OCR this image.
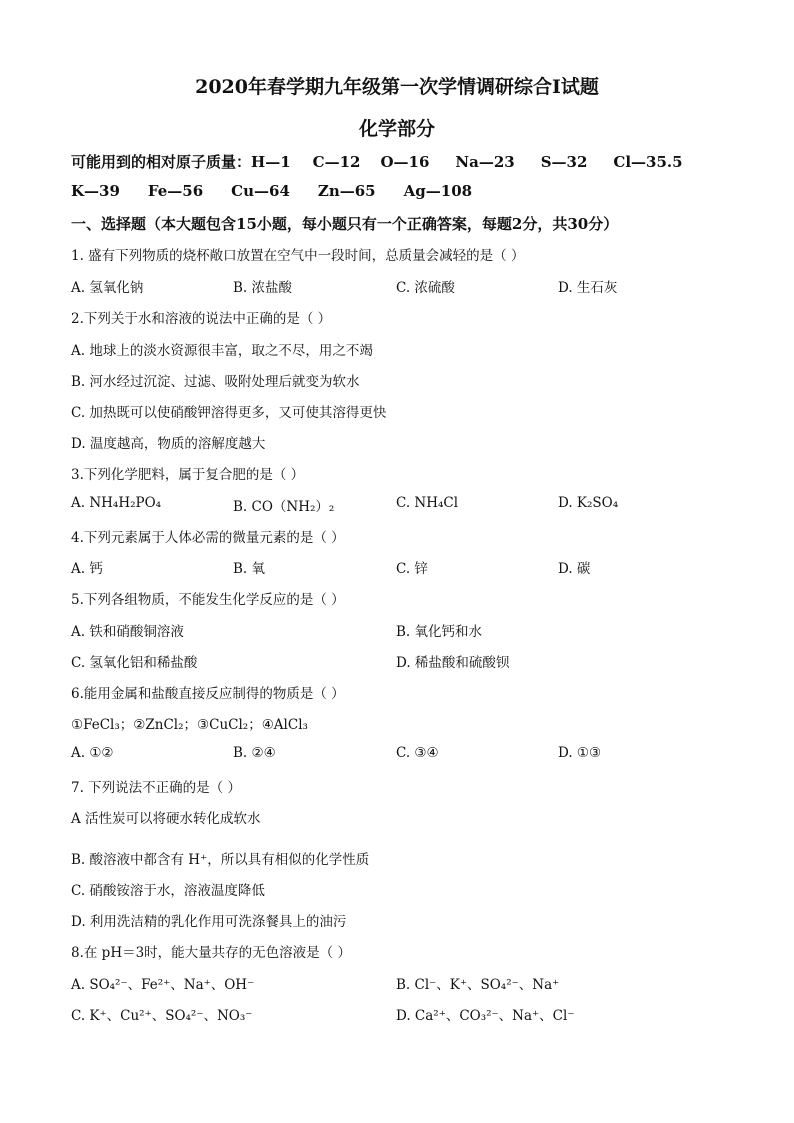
2020年春学期九年级第一次学情调研综合Ⅰ试题
化学部分
可能用到的相对原子质量：H—1 C—12 O—16 Na—23 S—32 Cl—35.5
K—39 Fe—56 Cu—64 Zn—65 Ag—108
一、选择题（本大题包含15小题，每小题只有一个正确答案，每题2分，共30分）
1. 盛有下列物质的烧杯敞口放置在空气中一段时间，总质量会减轻的是（ ）
A. 氢氧化钠	B. 浓盐酸	C. 浓硫酸	D. 生石灰
2.下列关于水和溶液的说法中正确的是（ ）
A. 地球上的淡水资源很丰富，取之不尽，用之不竭
B. 河水经过沉淀、过滤、吸附处理后就变为软水
C. 加热既可以使硝酸钾溶得更多，又可使其溶得更快
D. 温度越高，物质的溶解度越大
3.下列化学肥料，属于复合肥的是（ ）
A. NH₄H₂PO₄	B. CO（NH₂）₂	C. NH₄Cl	D. K₂SO₄
4.下列元素属于人体必需的微量元素的是（ ）
A. 钙	B. 氧	C. 锌	D. 碳
5.下列各组物质，不能发生化学反应的是（ ）
A. 铁和硝酸铜溶液	B. 氧化钙和水
C. 氢氧化铝和稀盐酸	D. 稀盐酸和硫酸钡
6.能用金属和盐酸直接反应制得的物质是（ ）
①FeCl₃；②ZnCl₂；③CuCl₂；④AlCl₃
A. ①②	B. ②④	C. ③④	D. ①③
7. 下列说法不正确的是（ ）
A 活性炭可以将硬水转化成软水
B. 酸溶液中都含有 H⁺，所以具有相似的化学性质
C. 硝酸铵溶于水，溶液温度降低
D. 利用洗洁精的乳化作用可洗涤餐具上的油污
8.在 pH＝3时，能大量共存的无色溶液是（ ）
A. SO₄²⁻、Fe²⁺、Na⁺、OH⁻	B. Cl⁻、K⁺、SO₄²⁻、Na⁺
C. K⁺、Cu²⁺、SO₄²⁻、NO₃⁻	D. Ca²⁺、CO₃²⁻、Na⁺、Cl⁻
